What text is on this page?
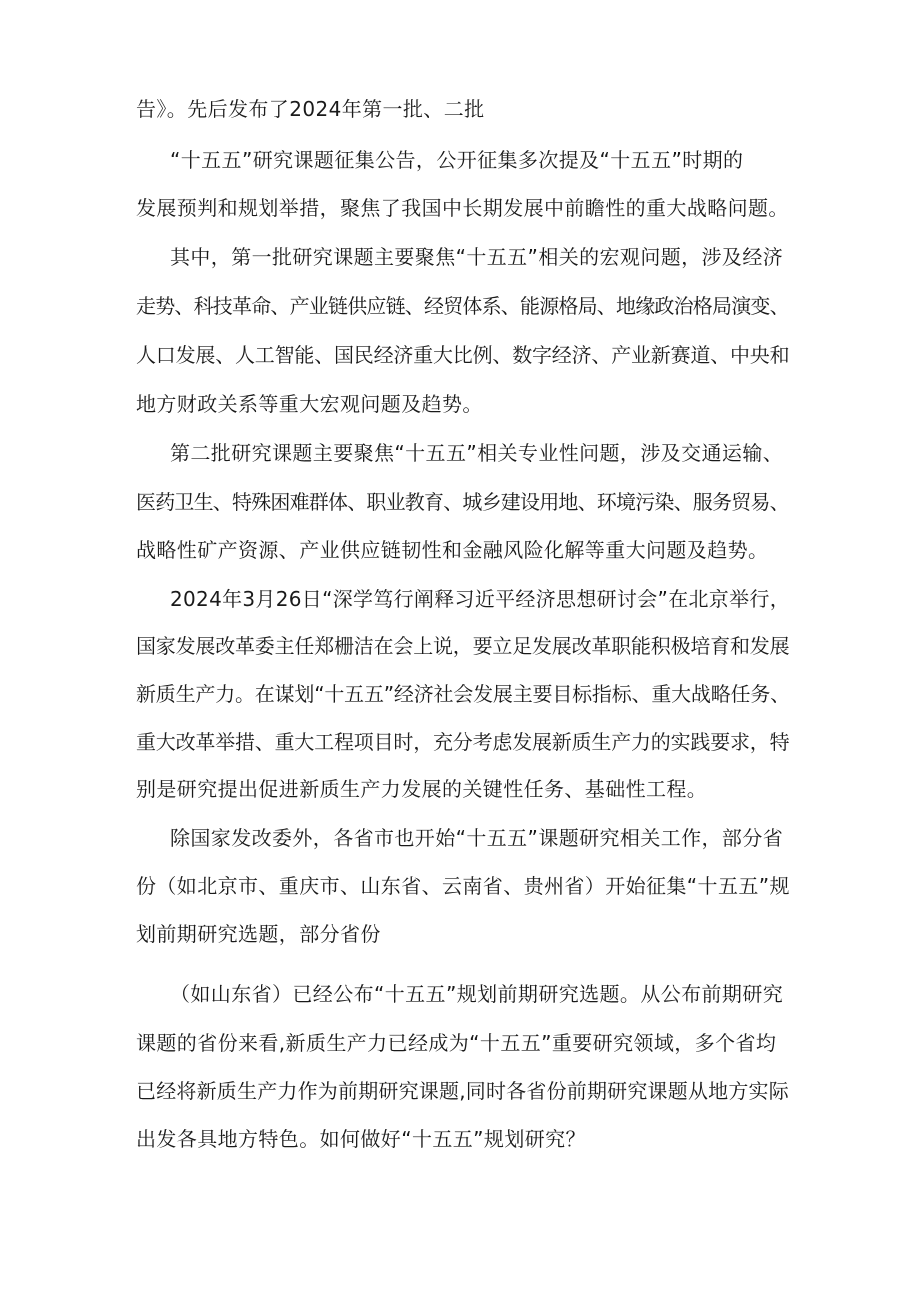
告》。先后发布了2024年第一批、二批
“十五五”研究课题征集公告，公开征集多次提及“十五五”时期的
发展预判和规划举措，聚焦了我国中长期发展中前瞻性的重大战略问题。
其中，第一批研究课题主要聚焦“十五五”相关的宏观问题，涉及经济
走势、科技革命、产业链供应链、经贸体系、能源格局、地缘政治格局演变、
人口发展、人工智能、国民经济重大比例、数字经济、产业新赛道、中央和
地方财政关系等重大宏观问题及趋势。
第二批研究课题主要聚焦“十五五”相关专业性问题，涉及交通运输、
医药卫生、特殊困难群体、职业教育、城乡建设用地、环境污染、服务贸易、
战略性矿产资源、产业供应链韧性和金融风险化解等重大问题及趋势。
2024年3月26日“深学笃行阐释习近平经济思想研讨会”在北京举行，
国家发展改革委主任郑栅洁在会上说，要立足发展改革职能积极培育和发展
新质生产力。在谋划“十五五”经济社会发展主要目标指标、重大战略任务、
重大改革举措、重大工程项目时，充分考虑发展新质生产力的实践要求，特
别是研究提出促进新质生产力发展的关键性任务、基础性工程。
除国家发改委外，各省市也开始“十五五”课题研究相关工作，部分省
份（如北京市、重庆市、山东省、云南省、贵州省）开始征集“十五五”规
划前期研究选题，部分省份
（如山东省）已经公布“十五五”规划前期研究选题。从公布前期研究
课题的省份来看,新质生产力已经成为“十五五”重要研究领域，多个省均
已经将新质生产力作为前期研究课题,同时各省份前期研究课题从地方实际
出发各具地方特色。如何做好“十五五”规划研究？
